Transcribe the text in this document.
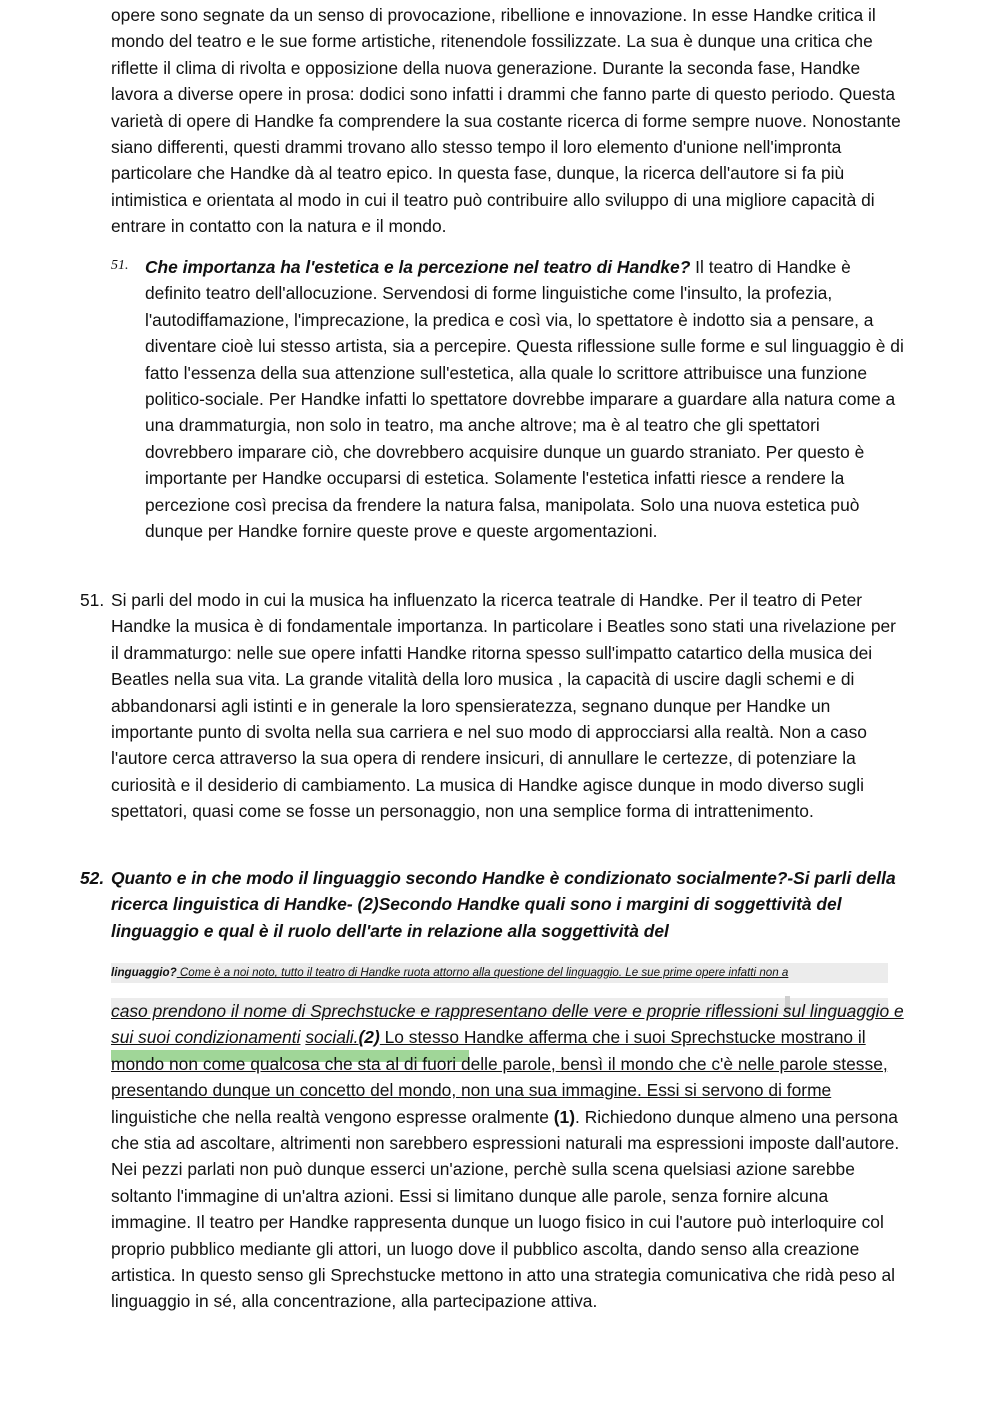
opere sono segnate da un senso di provocazione, ribellione e innovazione. In esse Handke critica il mondo del teatro e le sue forme artistiche, ritenendole fossilizzate. La sua è dunque una critica che riflette il clima di rivolta e opposizione della nuova generazione. Durante la seconda fase, Handke lavora a diverse opere in prosa: dodici sono infatti i drammi che fanno parte di questo periodo. Questa varietà di opere di Handke fa comprendere la sua costante ricerca di forme sempre nuove. Nonostante siano differenti, questi drammi trovano allo stesso tempo il loro elemento d'unione nell'impronta particolare che Handke dà al teatro epico. In questa fase, dunque, la ricerca dell'autore si fa più intimistica e orientata al modo in cui il teatro può contribuire allo sviluppo di una migliore capacità di entrare in contatto con la natura e il mondo.

51. Che importanza ha l'estetica e la percezione nel teatro di Handke? Il teatro di Handke è definito teatro dell'allocuzione. Servendosi di forme linguistiche come l'insulto, la profezia, l'autodiffamazione, l'imprecazione, la predica e così via, lo spettatore è indotto sia a pensare, a diventare cioè lui stesso artista, sia a percepire. Questa riflessione sulle forme e sul linguaggio è di fatto l'essenza della sua attenzione sull'estetica, alla quale lo scrittore attribuisce una funzione politico-sociale. Per Handke infatti lo spettatore dovrebbe imparare a guardare alla natura come a una drammaturgia, non solo in teatro, ma anche altrove; ma è al teatro che gli spettatori dovrebbero imparare ciò, che dovrebbero acquisire dunque un guardo straniato. Per questo è importante per Handke occuparsi di estetica. Solamente l'estetica infatti riesce a rendere la percezione così precisa da frendere la natura falsa, manipolata. Solo una nuova estetica può dunque per Handke fornire queste prove e queste argomentazioni.
51. Si parli del modo in cui la musica ha influenzato la ricerca teatrale di Handke. Per il teatro di Peter Handke la musica è di fondamentale importanza. In particolare i Beatles sono stati una rivelazione per il drammaturgo: nelle sue opere infatti Handke ritorna spesso sull'impatto catartico della musica dei Beatles nella sua vita. La grande vitalità della loro musica , la capacità di uscire dagli schemi e di abbandonarsi agli istinti e in generale la loro spensieratezza, segnano dunque per Handke un importante punto di svolta nella sua carriera e nel suo modo di approcciarsi alla realtà. Non a caso l'autore cerca attraverso la sua opera di rendere insicuri, di annullare le certezze, di potenziare la curiosità e il desiderio di cambiamento. La musica di Handke agisce dunque in modo diverso sugli spettatori, quasi come se fosse un personaggio, non una semplice forma di intrattenimento.
52. Quanto e in che modo il linguaggio secondo Handke è condizionato socialmente?-Si parli della ricerca linguistica di Handke- (2)Secondo Handke quali sono i margini di soggettività del linguaggio e qual è il ruolo dell'arte in relazione alla soggettività del
linguaggio? Come è a noi noto, tutto il teatro di Handke ruota attorno alla questione del linguaggio. Le sue prime opere infatti non a
caso prendono il nome di Sprechstucke e rappresentano delle vere e proprie riflessioni sul linguaggio e sui suoi condizionamenti sociali.(2) Lo stesso Handke afferma che i suoi Sprechstucke mostrano il mondo non come qualcosa che sta al di fuori delle parole, bensì il mondo che c'è nelle parole stesse, presentando dunque un concetto del mondo, non una sua immagine. Essi si servono di forme linguistiche che nella realtà vengono espresse oralmente (1). Richiedono dunque almeno una persona che stia ad ascoltare, altrimenti non sarebbero espressioni naturali ma espressioni imposte dall'autore. Nei pezzi parlati non può dunque esserci un'azione, perchè sulla scena quelsiasi azione sarebbe soltanto l'immagine di un'altra azioni. Essi si limitano dunque alle parole, senza fornire alcuna immagine. Il teatro per Handke rappresenta dunque un luogo fisico in cui l'autore può interloquire col proprio pubblico mediante gli attori, un luogo dove il pubblico ascolta, dando senso alla creazione artistica. In questo senso gli Sprechstucke mettono in atto una strategia comunicativa che ridà peso al linguaggio in sé, alla concentrazione, alla partecipazione attiva.
